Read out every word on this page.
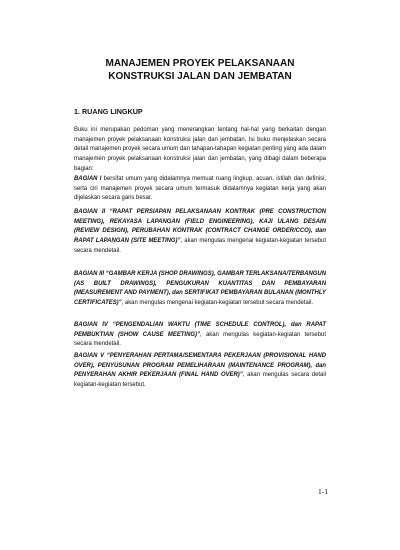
MANAJEMEN PROYEK PELAKSANAAN
KONSTRUKSI JALAN DAN JEMBATAN
1. RUANG LINGKUP

Buku ini merupakan pedoman yang menerangkan tentang hal-hal yang berkaitan dengan manajemen proyek pelaksanaan konstruksi jalan dan jembatan. Isi buku menjelaskan secara detail manajemen proyek secara umum dan tahapan-tahapan kegiatan penting yang ada dalam manajemen proyek pelaksanaan konstruksi jalan dan jembatan, yang dibagi dalam beberapa bagian:

BAGIAN I bersifat umum yang didalamnya memuat ruang lingkup, acuan, istilah dan definisi, serta ciri manajemen proyek secara umum termasuk didalamnya kegiatan kerja yang akan dijelaskan secara garis besar.

BAGIAN II “RAPAT PERSIAPAN PELAKSANAAN KONTRAK (PRE CONSTRUCTION MEETING), REKAYASA LAPANGAN (FIELD ENGINEERING), KAJI ULANG DESAIN (REVIEW DESIGN), PERUBAHAN KONTRAK (CONTRACT CHANGE ORDER/CCO), dan RAPAT LAPANGAN (SITE MEETING)”, akan mengulas mengenai kegiatan-kegiatan tersebut secara mendetail.

BAGIAN III “GAMBAR KERJA (SHOP DRAWINGS), GAMBAR TERLAKSANA/TERBANGUN (AS BUILT DRAWINGS), PENGUKURAN KUANTITAS DAN PEMBAYARAN (MEASUREMENT AND PAYMENT), dan SERTIFIKAT PEMBAYARAN BULANAN (MONTHLY CERTIFICATES)”, akan mengulas mengenai kegiatan-kegiatan tersebut secara mendetail.

BAGIAN IV “PENGENDALIAN WAKTU (TIME SCHEDULE CONTROL), dan RAPAT PEMBUKTIAN (SHOW CAUSE MEETING)”, akan mengulas kegiatan-kegiatan tersebut secara mendetail.

BAGIAN V “PENYERAHAN PERTAMA/SEMENTARA PEKERJAAN (PROVISIONAL HAND OVER), PENYUSUNAN PROGRAM PEMELIHARAAN (MAINTENANCE PROGRAM), dan PENYERAHAN AKHIR PEKERJAAN (FINAL HAND OVER)”, akan mengulas secara detail kegiatan-kegiatan tersebut.

1-1
